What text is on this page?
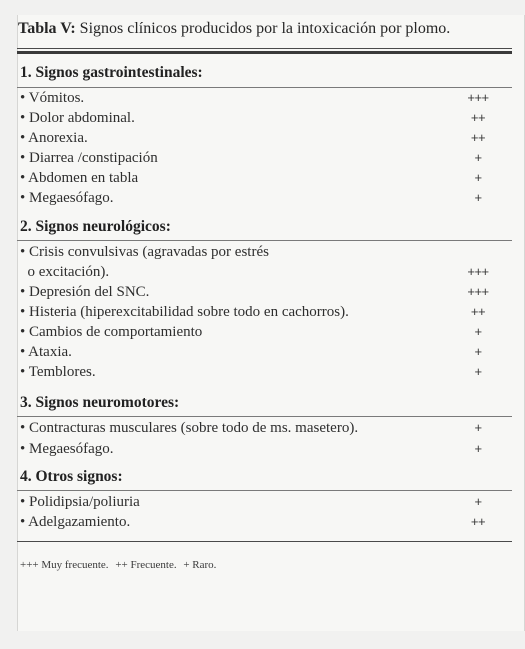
Tabla V: Signos clínicos producidos por la intoxicación por plomo.
1. Signos gastrointestinales:
• Vómitos.	+++
• Dolor abdominal.	++
• Anorexia.	++
• Diarrea /constipación	+
• Abdomen en tabla	+
• Megaesófago.	+
2. Signos neurológicos:
• Crisis convulsivas (agravadas por estrés
o excitación).	+++
• Depresión del SNC.	+++
• Histeria (hiperexcitabilidad sobre todo en cachorros).	++
• Cambios de comportamiento	+
• Ataxia.	+
• Temblores.	+
3. Signos neuromotores:
• Contracturas musculares (sobre todo de ms. masetero).	+
• Megaesófago.	+
4. Otros signos:
• Polidipsia/poliuria	+
• Adelgazamiento.	++
+++ Muy frecuente. ++ Frecuente. + Raro.
